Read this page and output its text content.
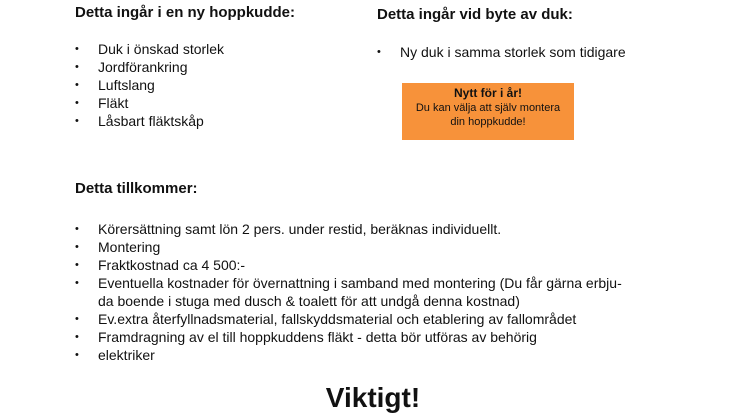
Detta ingår i en ny hoppkudde:
• Duk i önskad storlek
• Jordförankring
• Luftslang
• Fläkt
• Låsbart fläktskåp
Detta ingår vid byte av duk:
• Ny duk i samma storlek som tidigare
Nytt för i år!
Du kan välja att själv montera
din hoppkudde!
Detta tillkommer:
• Körersättning samt lön 2 pers. under restid, beräknas individuellt.
• Montering
• Fraktkostnad ca 4 500:-
• Eventuella kostnader för övernattning i samband med montering (Du får gärna erbju-
da boende i stuga med dusch & toalett för att undgå denna kostnad)
• Ev.extra återfyllnadsmaterial, fallskyddsmaterial och etablering av fallområdet
• Framdragning av el till hoppkuddens fläkt - detta bör utföras av behörig
• elektriker
Viktigt!
